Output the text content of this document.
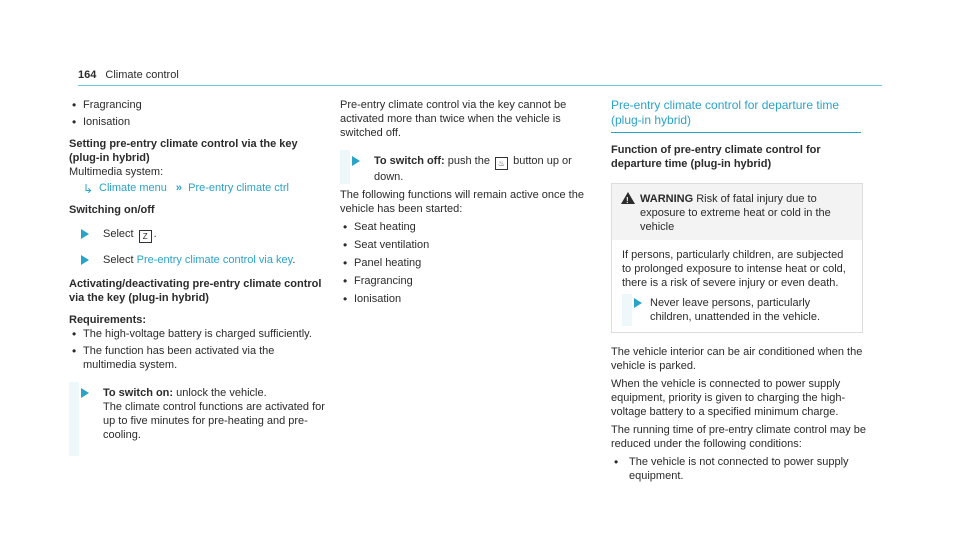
164 Climate control
• Fragrancing
• Ionisation
Setting pre-entry climate control via the key (plug-in hybrid)

Multimedia system:

↳ Climate menu » Pre-entry climate ctrl
Switching on/off
Select Z .
Select Pre-entry climate control via key.
Activating/deactivating pre-entry climate control via the key (plug-in hybrid)

Requirements:

• The high-voltage battery is charged sufficiently.
• The function has been activated via the multimedia system.
To switch on: unlock the vehicle.

The climate control functions are activated for up to five minutes for pre-heating and pre-cooling.

Pre-entry climate control via the key cannot be activated more than twice when the vehicle is switched off.

To switch off: push the ♨ button up or down.

The following functions will remain active once the vehicle has been started:

• Seat heating
• Seat ventilation
• Panel heating
• Fragrancing
• Ionisation
Pre-entry climate control for departure time (plug-in hybrid)
Function of pre-entry climate control for departure time (plug-in hybrid)
! WARNING Risk of fatal injury due to exposure to extreme heat or cold in the vehicle

If persons, particularly children, are subjected to prolonged exposure to intense heat or cold, there is a risk of severe injury or even death.

Never leave persons, particularly children, unattended in the vehicle.

The vehicle interior can be air conditioned when the vehicle is parked.

When the vehicle is connected to power supply equipment, priority is given to charging the high-voltage battery to a specified minimum charge.

The running time of pre-entry climate control may be reduced under the following conditions:

• The vehicle is not connected to power supply equipment.
